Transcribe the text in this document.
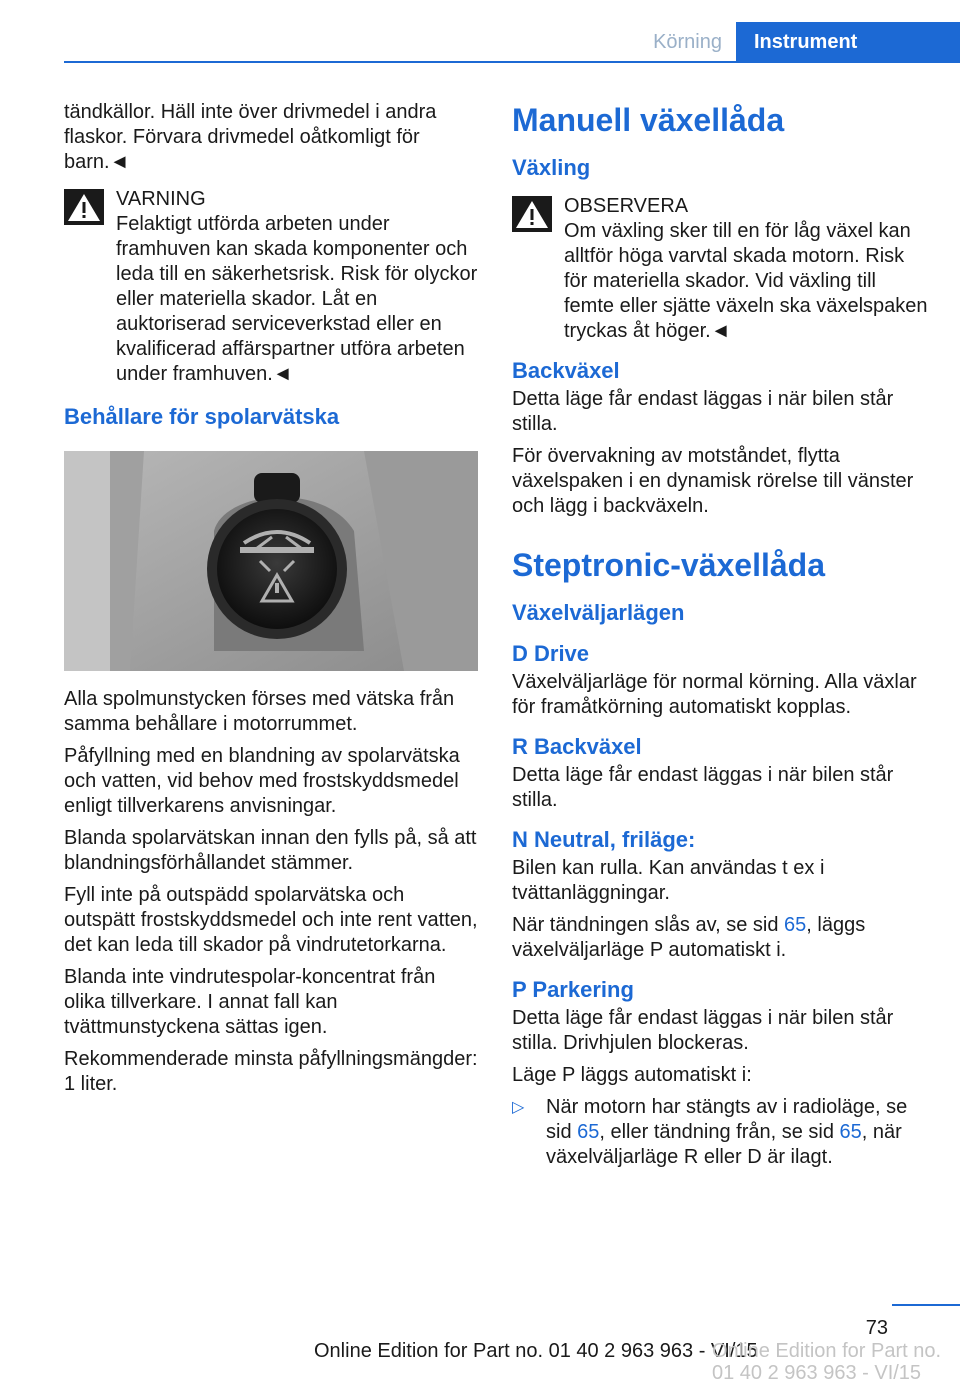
Körning	Instrument

tändkällor. Häll inte över drivmedel i andra flaskor. Förvara drivmedel oåtkomligt för barn.◄

VARNING
Felaktigt utförda arbeten under framhuven kan skada komponenter och leda till en säkerhetsrisk. Risk för olyckor eller materiella skador. Låt en auktoriserad serviceverkstad eller en kvalificerad affärspartner utföra arbeten under framhuven.◄
Behållare för spolarvätska

Alla spolmunstycken förses med vätska från samma behållare i motorrummet.

Påfyllning med en blandning av spolarvätska och vatten, vid behov med frostskyddsmedel enligt tillverkarens anvisningar.

Blanda spolarvätskan innan den fylls på, så att blandningsförhållandet stämmer.

Fyll inte på outspädd spolarvätska och outspätt frostskyddsmedel och inte rent vatten, det kan leda till skador på vindrutetorkarna.

Blanda inte vindrutespolar-koncentrat från olika tillverkare. I annat fall kan tvättmunstyckena sättas igen.

Rekommenderade minsta påfyllningsmängder: 1 liter.

Manuell växellåda
Växling
OBSERVERA
Om växling sker till en för låg växel kan alltför höga varvtal skada motorn. Risk för materiella skador. Vid växling till femte eller sjätte växeln ska växelspaken tryckas åt höger.◄
Backväxel

Detta läge får endast läggas i när bilen står stilla.

För övervakning av motståndet, flytta växelspaken i en dynamisk rörelse till vänster och lägg i backväxeln.

Steptronic-växellåda
Växelväljarlägen
D Drive

Växelväljarläge för normal körning. Alla växlar för framåtkörning automatiskt kopplas.

R Backväxel

Detta läge får endast läggas i när bilen står stilla.

N Neutral, friläge:

Bilen kan rulla. Kan användas t ex i tvättanläggningar.

När tändningen slås av, se sid 65, läggs växelväljarläge P automatiskt i.

P Parkering

Detta läge får endast läggas i när bilen står stilla. Drivhjulen blockeras.

Läge P läggs automatiskt i:

▷ När motorn har stängts av i radioläge, se sid 65, eller tändning från, se sid 65, när växelväljarläge R eller D är ilagt.
73
Online Edition for Part no. 01 40 2 963 963 - VI/15
Online Edition for Part no. 01 40 2 963 963 - VI/15
